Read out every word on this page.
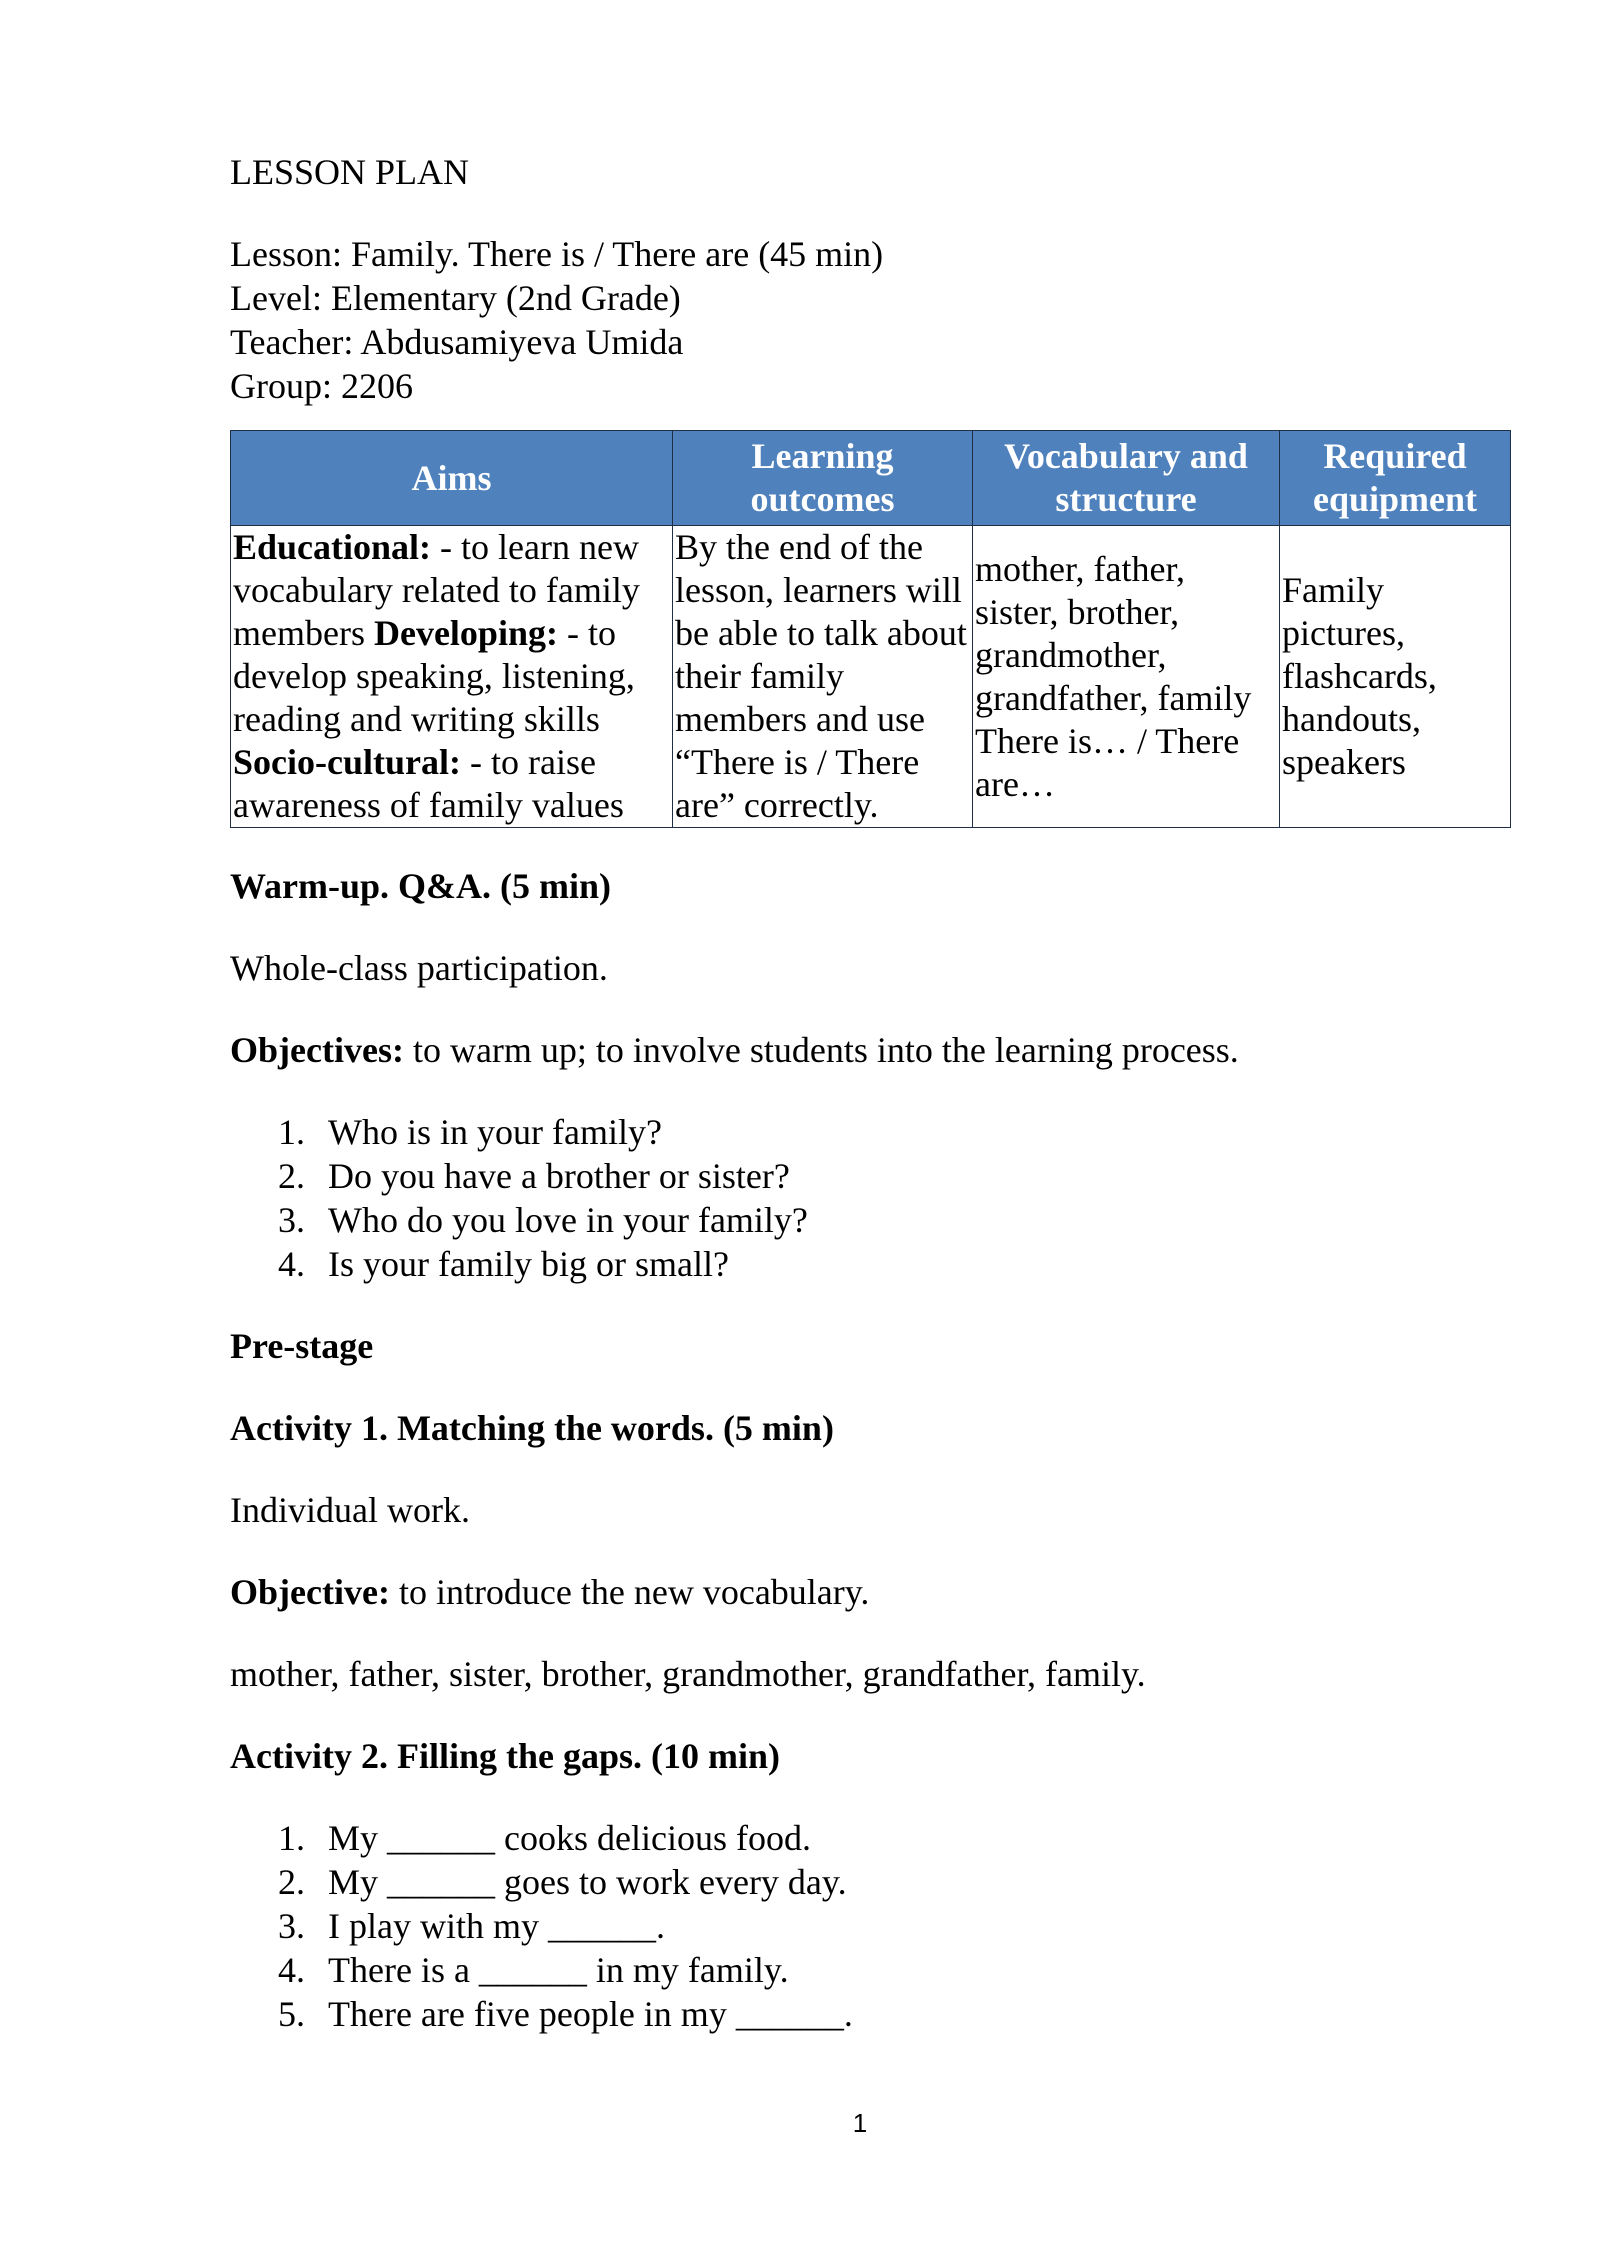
LESSON PLAN

Lesson: Family. There is / There are (45 min)
Level: Elementary (2nd Grade)
Teacher: Abdusamiyeva Umida
Group: 2206
Aims	Learning outcomes	Vocabulary and structure	Required equipment
Educational: - to learn new vocabulary related to family members Developing: - to develop speaking, listening, reading and writing skills Socio-cultural: - to raise awareness of family values	By the end of the lesson, learners will be able to talk about their family members and use “There is / There are” correctly.	mother, father, sister, brother, grandmother, grandfather, family There is… / There are…	Family pictures, flashcards, handouts, speakers

Warm-up. Q&A. (5 min)

Whole-class participation.

Objectives: to warm up; to involve students into the learning process.

1. Who is in your family?
2. Do you have a brother or sister?
3. Who do you love in your family?
4. Is your family big or small?

Pre-stage

Activity 1. Matching the words. (5 min)

Individual work.

Objective: to introduce the new vocabulary.

mother, father, sister, brother, grandmother, grandfather, family.

Activity 2. Filling the gaps. (10 min)

1. My ______ cooks delicious food.
2. My ______ goes to work every day.
3. I play with my ______.
4. There is a ______ in my family.
5. There are five people in my ______.
1
